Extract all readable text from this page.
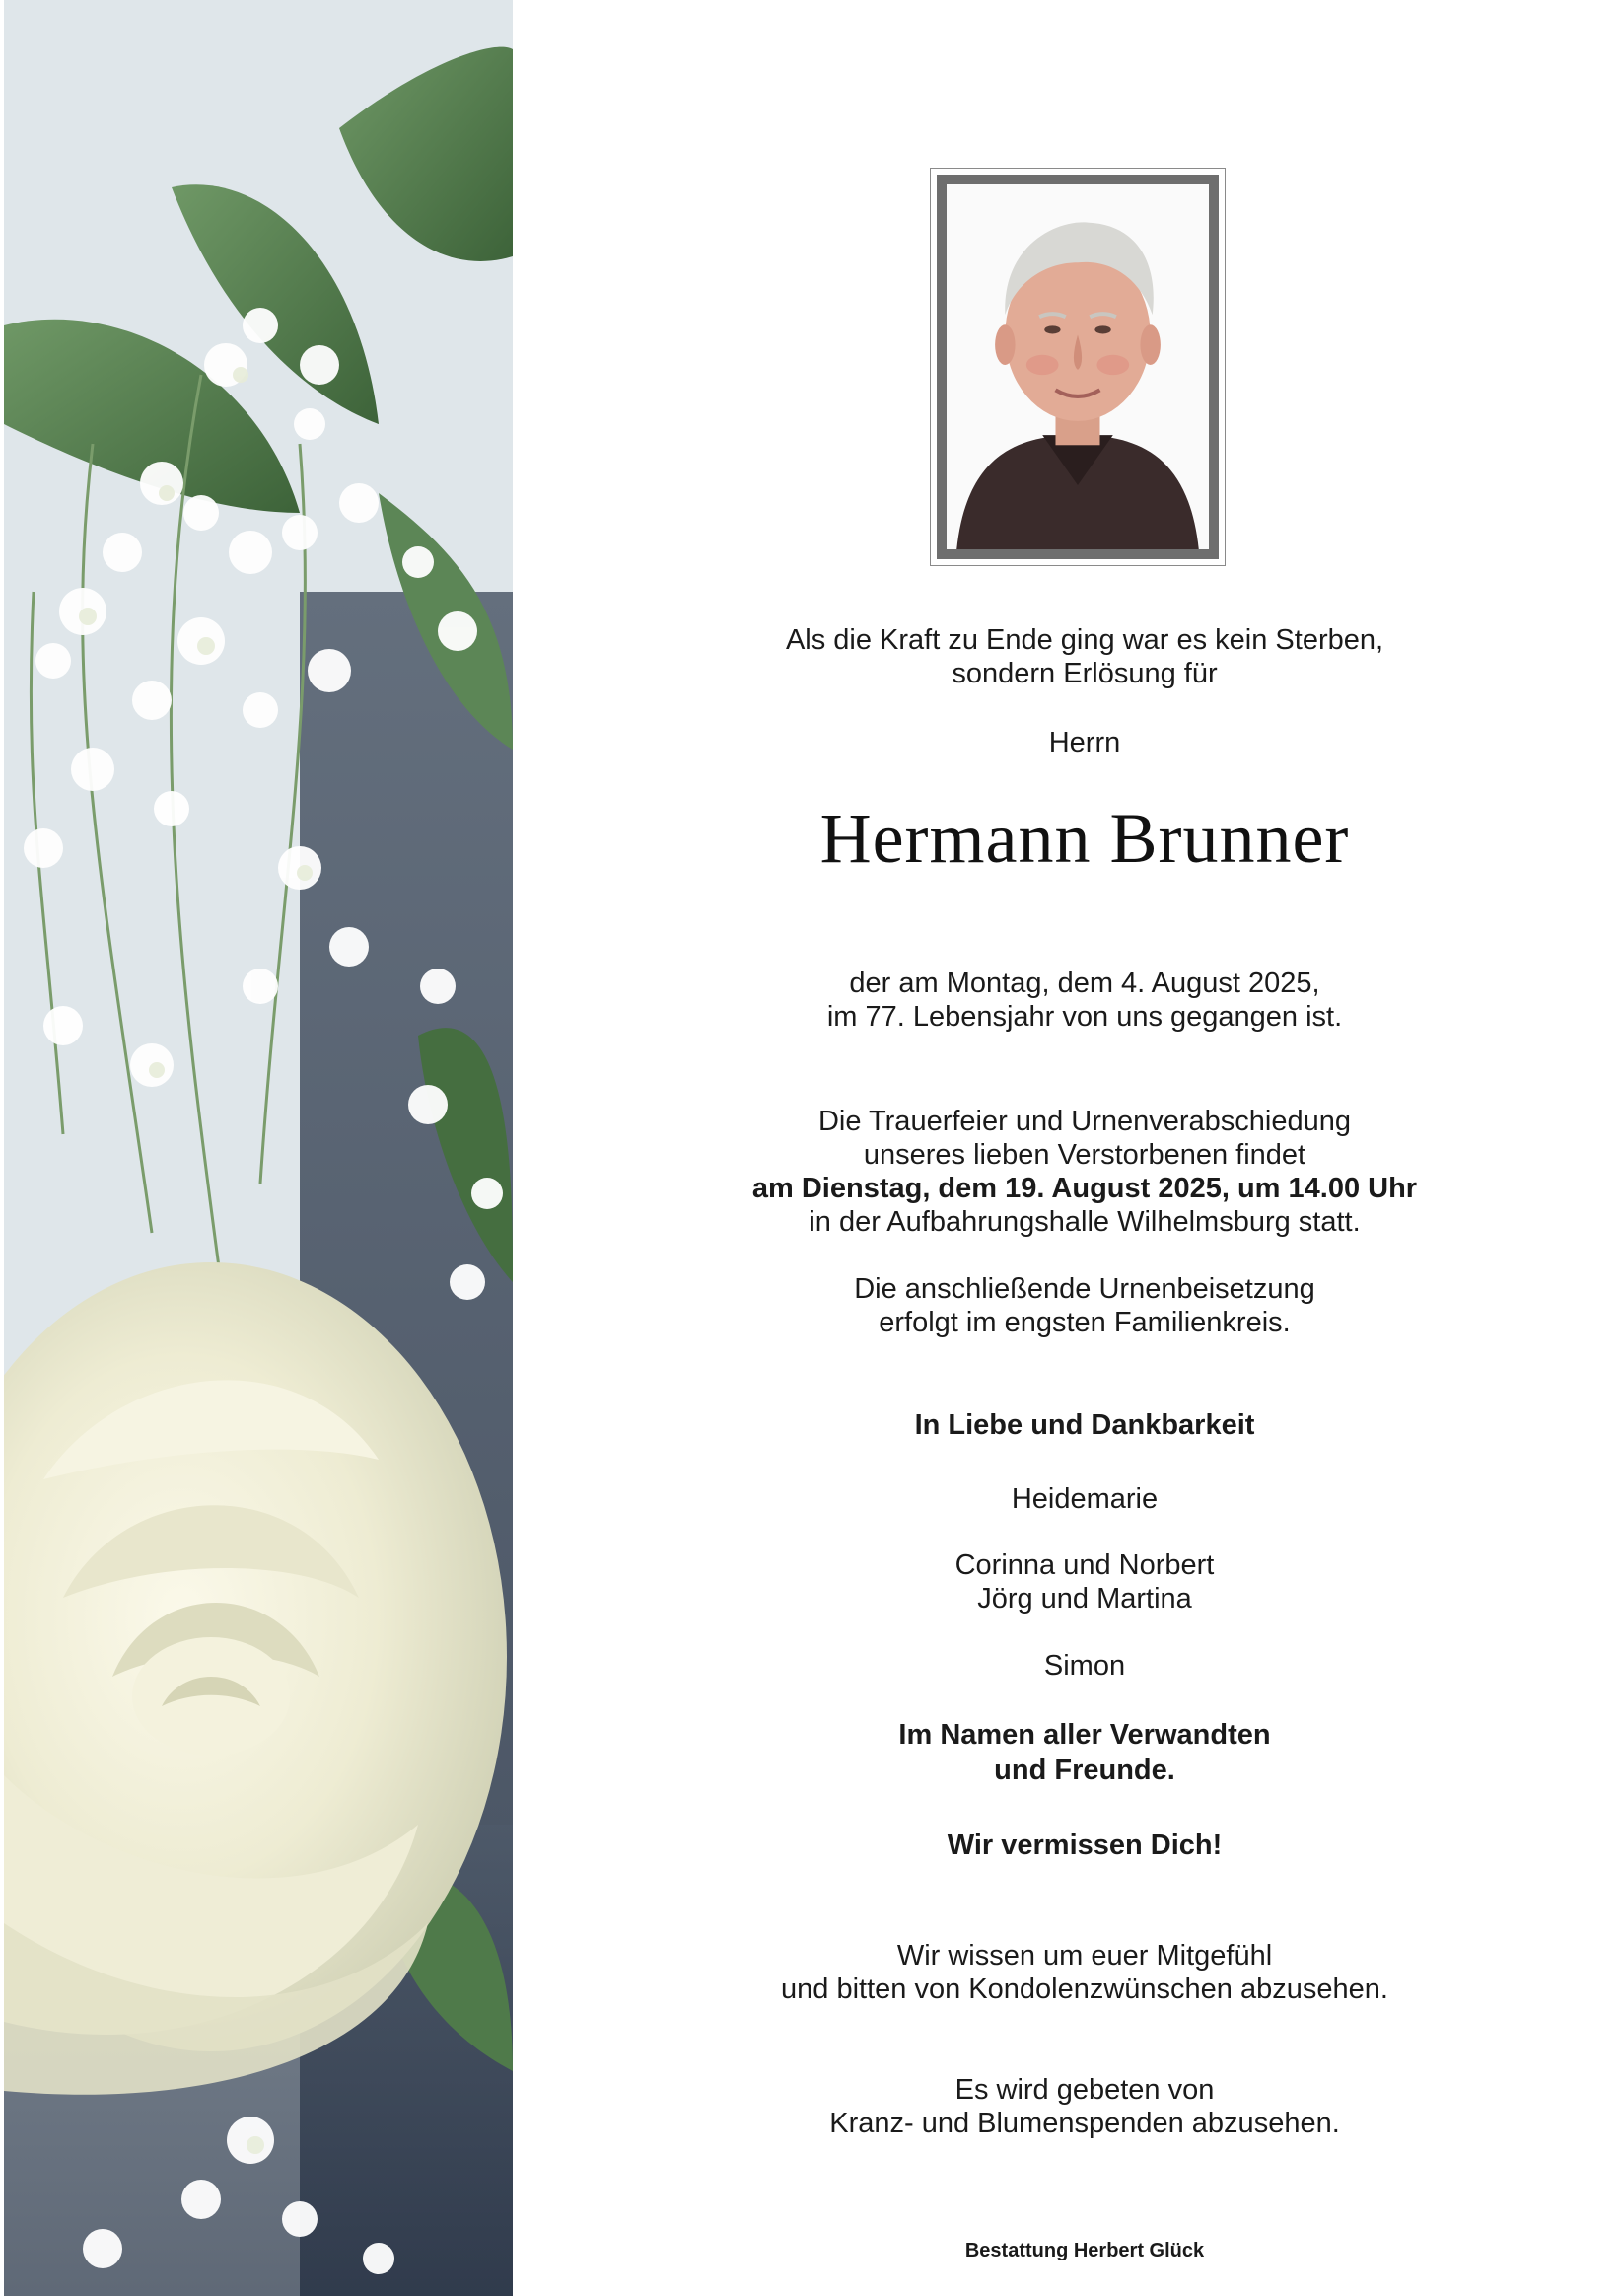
Als die Kraft zu Ende ging war es kein Sterben,
sondern Erlösung für
Herrn
Hermann Brunner
der am Montag, dem 4. August 2025,
im 77. Lebensjahr von uns gegangen ist.
Die Trauerfeier und Urnenverabschiedung
unseres lieben Verstorbenen findet
am Dienstag, dem 19. August 2025, um 14.00 Uhr
in der Aufbahrungshalle Wilhelmsburg statt.
Die anschließende Urnenbeisetzung
erfolgt im engsten Familienkreis.
In Liebe und Dankbarkeit
Heidemarie
Corinna und Norbert
Jörg und Martina
Simon
Im Namen aller Verwandten
und Freunde.
Wir vermissen Dich!
Wir wissen um euer Mitgefühl
und bitten von Kondolenzwünschen abzusehen.
Es wird gebeten von
Kranz- und Blumenspenden abzusehen.
Bestattung Herbert Glück
